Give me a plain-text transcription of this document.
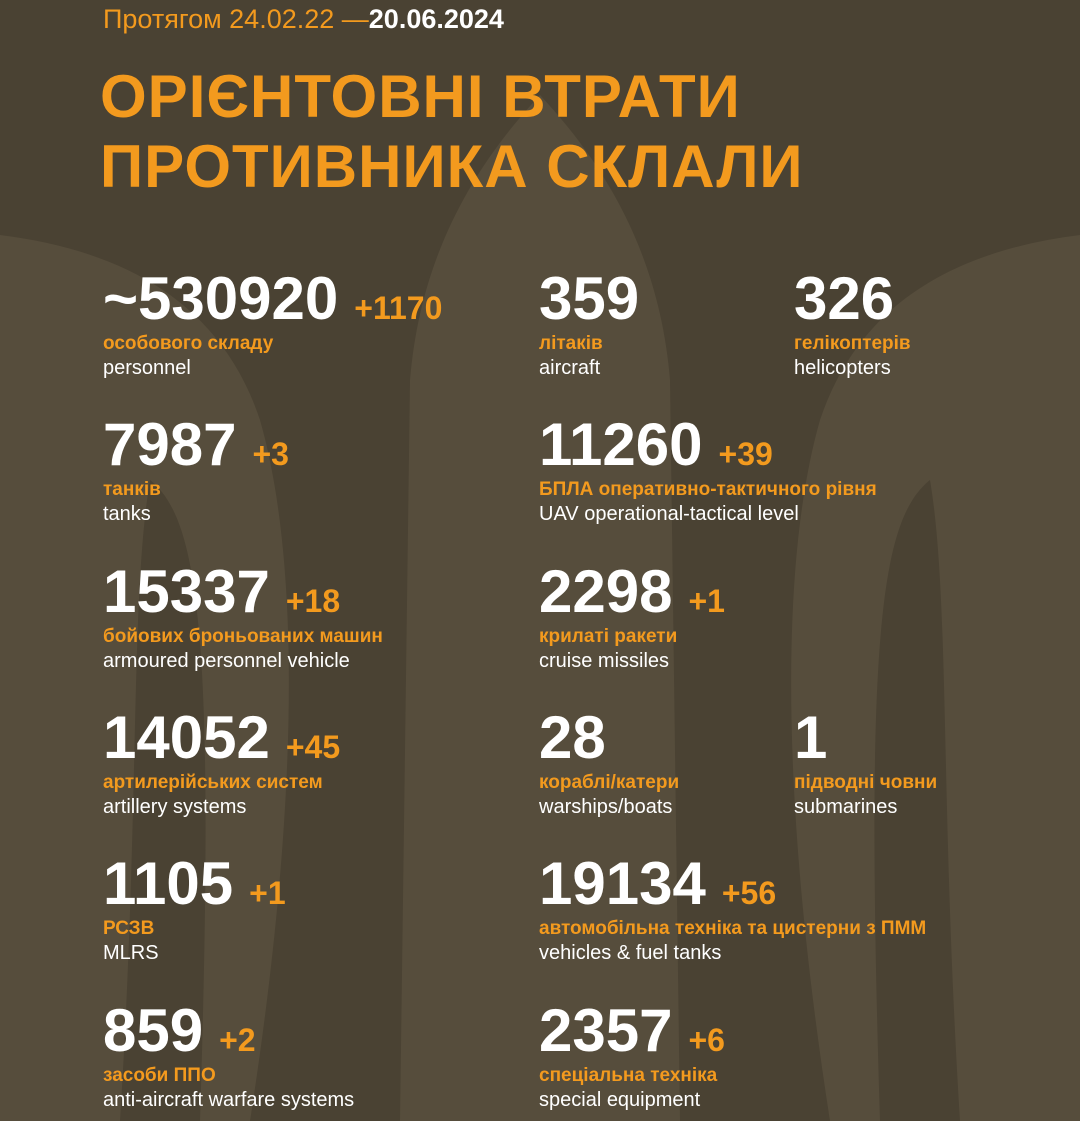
Протягом 24.02.22 —20.06.2024
ОРІЄНТОВНІ ВТРАТИ
ПРОТИВНИКА СКЛАЛИ
~530920 +1170
особового складу
personnel
359
літаків
aircraft
326
гелікоптерів
helicopters
7987 +3
танків
tanks
11260 +39
БПЛА оперативно-тактичного рівня
UAV operational-tactical level
15337 +18
бойових броньованих машин
armoured personnel vehicle
2298 +1
крилаті ракети
cruise missiles
14052 +45
артилерійських систем
artillery systems
28
кораблі/катери
warships/boats
1
підводні човни
submarines
1105 +1
РСЗВ
MLRS
19134 +56
автомобільна техніка та цистерни з ПММ
vehicles & fuel tanks
859 +2
засоби ППО
anti-aircraft warfare systems
2357 +6
спеціальна техніка
special equipment
